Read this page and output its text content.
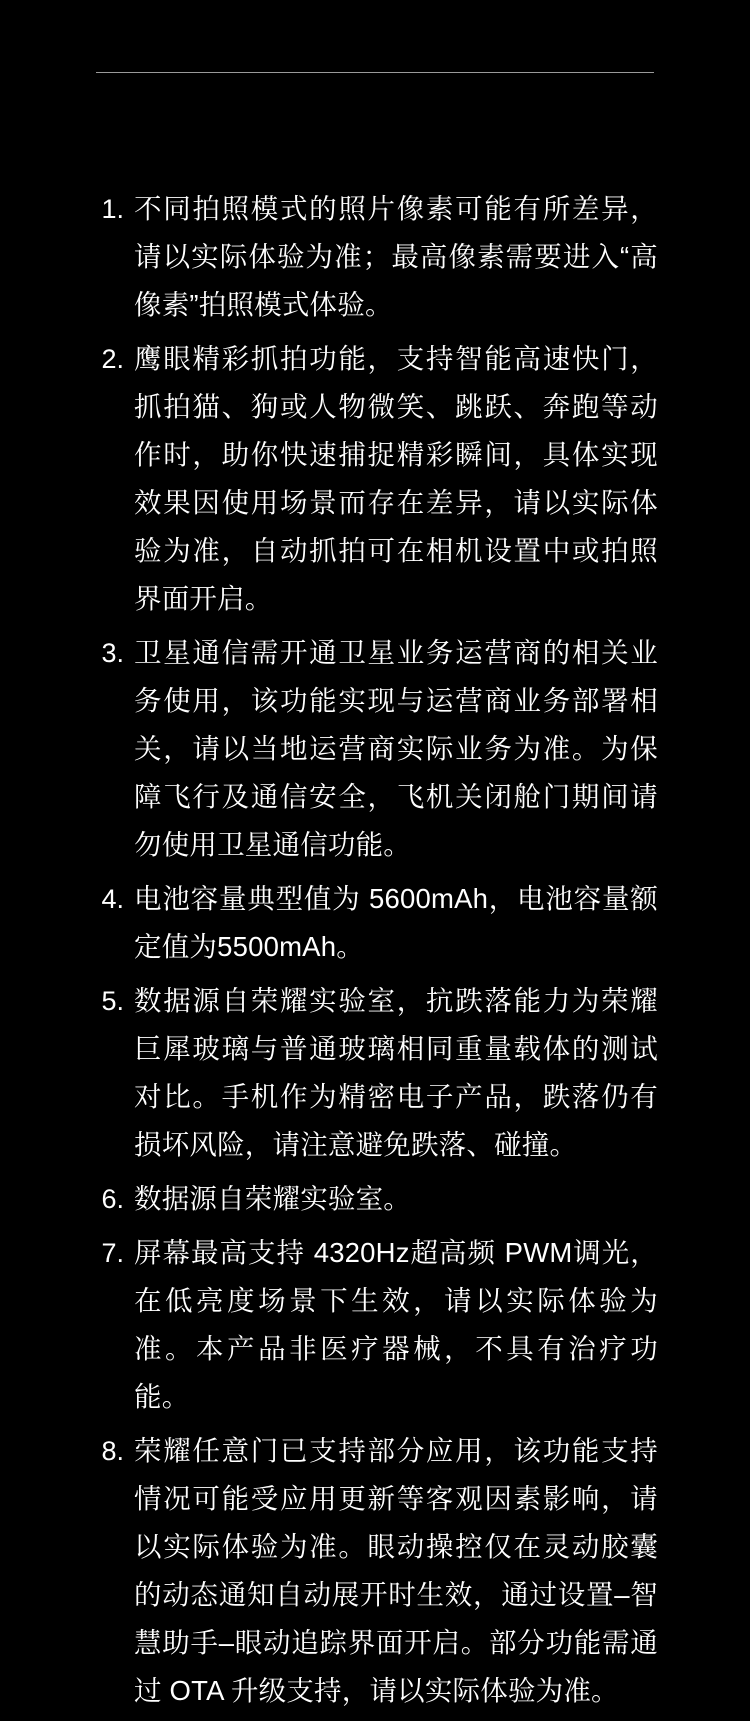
1. 不同拍照模式的照片像素可能有所差异，请以实际体验为准；最高像素需要进入“高像素”拍照模式体验。
2. 鹰眼精彩抓拍功能，支持智能高速快门，抓拍猫、狗或人物微笑、跳跃、奔跑等动作时，助你快速捕捉精彩瞬间，具体实现效果因使用场景而存在差异，请以实际体验为准，自动抓拍可在相机设置中或拍照界面开启。
3. 卫星通信需开通卫星业务运营商的相关业务使用，该功能实现与运营商业务部署相关，请以当地运营商实际业务为准。为保障飞行及通信安全，飞机关闭舱门期间请勿使用卫星通信功能。
4. 电池容量典型值为 5600mAh，电池容量额定值为5500mAh。
5. 数据源自荣耀实验室，抗跌落能力为荣耀巨犀玻璃与普通玻璃相同重量载体的测试对比。手机作为精密电子产品，跌落仍有损坏风险，请注意避免跌落、碰撞。
6. 数据源自荣耀实验室。
7. 屏幕最高支持 4320Hz超高频 PWM调光，在低亮度场景下生效，请以实际体验为准。本产品非医疗器械，不具有治疗功能。
8. 荣耀任意门已支持部分应用，该功能支持情况可能受应用更新等客观因素影响，请以实际体验为准。眼动操控仅在灵动胶囊的动态通知自动展开时生效，通过设置–智慧助手–眼动追踪界面开启。部分功能需通过 OTA 升级支持，请以实际体验为准。
